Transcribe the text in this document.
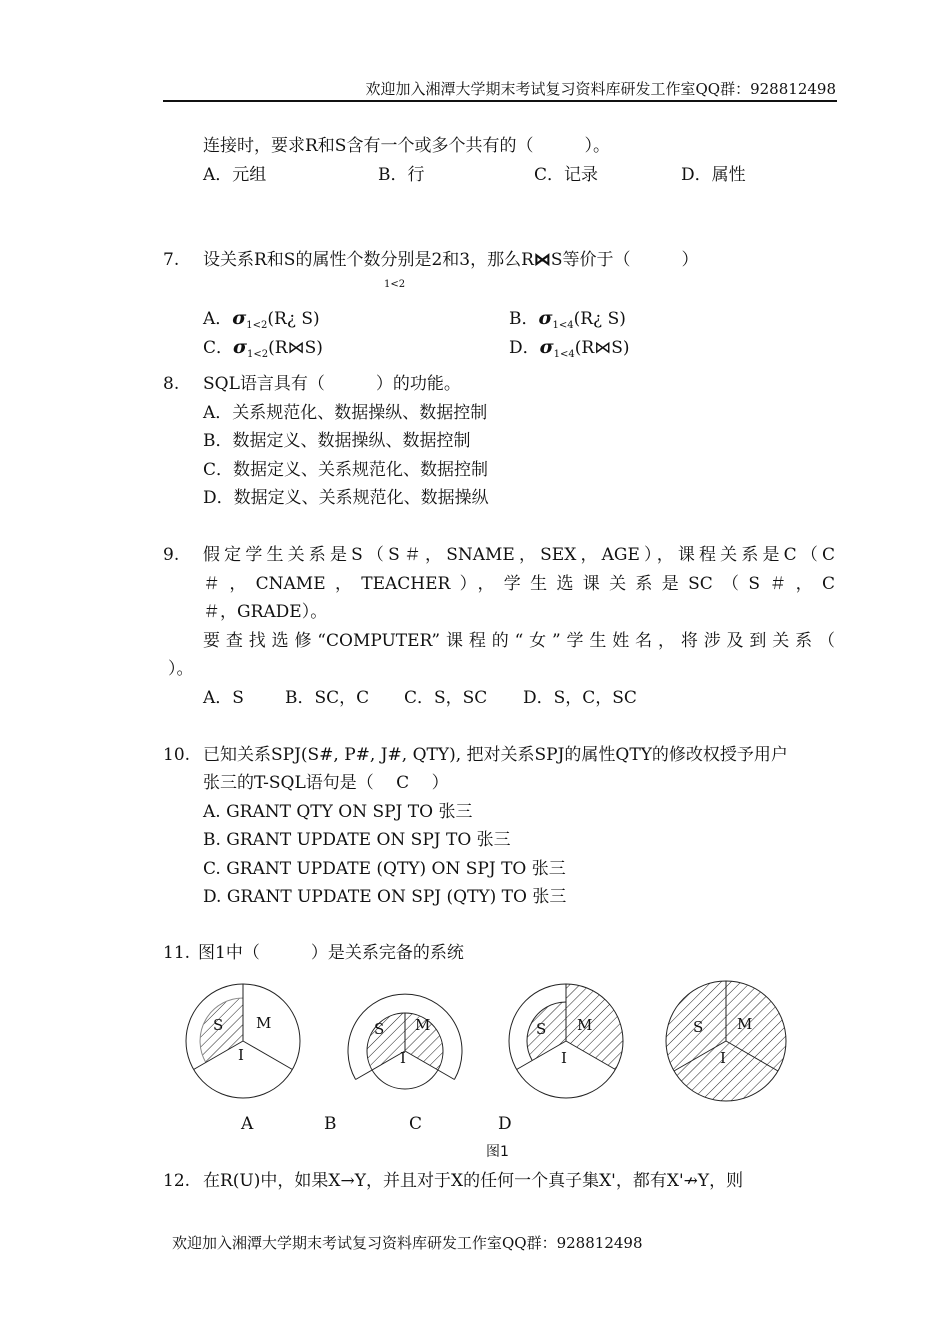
欢迎加入湘潭大学期末考试复习资料库研发工作室QQ群：928812498
连接时，要求R和S含有一个或多个共有的（　　　）。
A．元组	B．行	C．记录	D．属性
7. 设关系R和S的属性个数分别是2和3，那么R⋈S等价于（　　　）
1<2
A．$\sigma_{1<2}(R¿$ S)	B．$\sigma_{1<4}(R¿$ S)
C．$\sigma_{1<2}(R⋈S)$	D．$\sigma_{1<4}(R⋈S)$
8. SQL语言具有（　　　）的功能。
A．关系规范化、数据操纵、数据控制
B．数据定义、数据操纵、数据控制
C．数据定义、关系规范化、数据控制
D．数据定义、关系规范化、数据操纵
9. 假定学生关系是S（S＃，SNAME，SEX，AGE），课程关系是C（C
＃，CNAME，TEACHER），学生选课关系是SC（S＃，C
＃，GRADE）。
要查找选修“COMPUTER”课程的“女”学生姓名，将涉及到关系（
）。
A．S B．SC，C C．S，SC D．S，C，SC
10. 已知关系SPJ(S#, P#, J#, QTY), 把对关系SPJ的属性QTY的修改权授予用户
张三的T-SQL语句是（　 C　 ）
A. GRANT QTY ON SPJ TO 张三
B. GRANT UPDATE ON SPJ TO 张三
C. GRANT UPDATE (QTY) ON SPJ TO 张三
D. GRANT UPDATE ON SPJ (QTY) TO 张三
11. 图1中（　　　）是关系完备的系统
S M
I
S M
I
S M
I
S M
I
A	B	C	D
图1
12. 在R(U)中，如果X→Y，并且对于X的任何一个真子集X'，都有X'↛Y，则
欢迎加入湘潭大学期末考试复习资料库研发工作室QQ群：928812498
